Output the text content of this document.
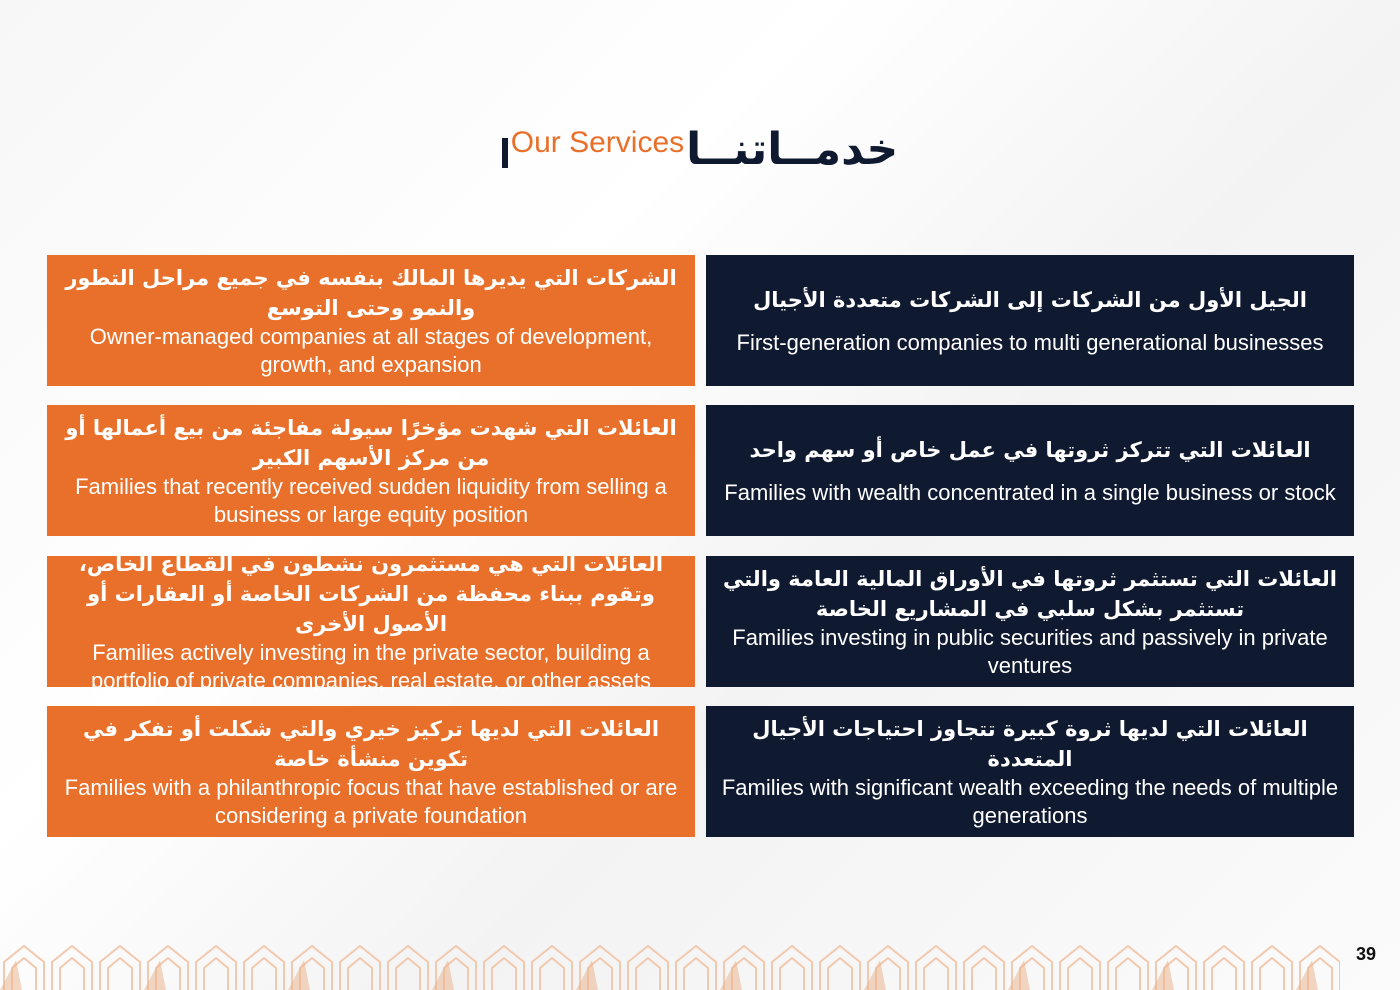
Our Services خدمــاتنــا
الشركات التي يديرها المالك بنفسه في جميع مراحل التطور والنمو وحتى التوسع
Owner-managed companies at all stages of development, growth, and expansion
العائلات التي شهدت مؤخرًا سيولة مفاجئة من بيع أعمالها أو من مركز الأسهم الكبير
Families that recently received sudden liquidity from selling a business or large equity position
العائلات التي هي مستثمرون نشطون في القطاع الخاص، وتقوم ببناء محفظة من الشركات الخاصة أو العقارات أو الأصول الأخرى
Families actively investing in the private sector, building a portfolio of private companies, real estate, or other assets
العائلات التي لديها تركيز خيري والتي شكلت أو تفكر في تكوين منشأة خاصة
Families with a philanthropic focus that have established or are considering a private foundation
الجيل الأول من الشركات إلى الشركات متعددة الأجيال
First-generation companies to multi generational businesses
العائلات التي تتركز ثروتها في عمل خاص أو سهم واحد
Families with wealth concentrated in a single business or stock
العائلات التي تستثمر ثروتها في الأوراق المالية العامة والتي تستثمر بشكل سلبي في المشاريع الخاصة
Families investing in public securities and passively in private ventures
العائلات التي لديها ثروة كبيرة تتجاوز احتياجات الأجيال المتعددة
Families with significant wealth exceeding the needs of multiple generations
39
